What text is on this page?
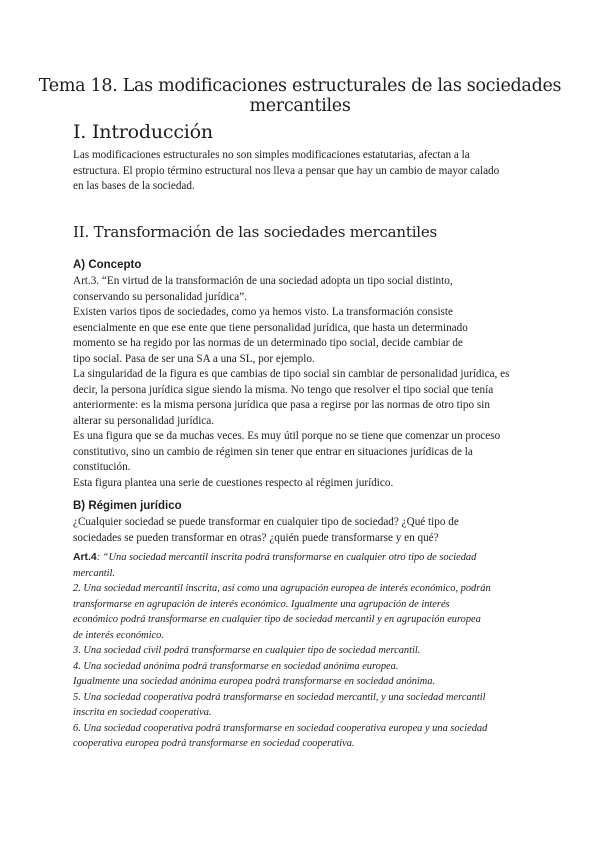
Tema 18. Las modificaciones estructurales de las sociedades mercantiles
I. Introducción

Las modificaciones estructurales no son simples modificaciones estatutarias, afectan a la

estructura. El propio término estructural nos lleva a pensar que hay un cambio de mayor calado

en las bases de la sociedad.

II. Transformación de las sociedades mercantiles

A) Concepto

Art.3. “En virtud de la transformación de una sociedad adopta un tipo social distinto,

conservando su personalidad jurídica”.

Existen varios tipos de sociedades, como ya hemos visto. La transformación consiste

esencialmente en que ese ente que tiene personalidad jurídica, que hasta un determinado

momento se ha regido por las normas de un determinado tipo social, decide cambiar de

tipo social. Pasa de ser una SA a una SL, por ejemplo.

La singularidad de la figura es que cambias de tipo social sin cambiar de personalidad jurídica, es

decir, la persona jurídica sigue siendo la misma. No tengo que resolver el tipo social que tenía

anteriormente: es la misma persona jurídica que pasa a regirse por las normas de otro tipo sin

alterar su personalidad jurídica.

Es una figura que se da muchas veces. Es muy útil porque no se tiene que comenzar un proceso

constitutivo, sino un cambio de régimen sin tener que entrar en situaciones jurídicas de la

constitución.

Esta figura plantea una serie de cuestiones respecto al régimen jurídico.

B) Régimen jurídico

¿Cualquier sociedad se puede transformar en cualquier tipo de sociedad? ¿Qué tipo de

sociedades se pueden transformar en otras? ¿quién puede transformarse y en qué?

Art.4: “Una sociedad mercantil inscrita podrá transformarse en cualquier otro tipo de sociedad

mercantil.

2. Una sociedad mercantil inscrita, así como una agrupación europea de interés económico, podrán

transformarse en agrupación de interés económico. Igualmente una agrupación de interés

económico podrá transformarse en cualquier tipo de sociedad mercantil y en agrupación europea

de interés económico.

3. Una sociedad civil podrá transformarse en cualquier tipo de sociedad mercantil.

4. Una sociedad anónima podrá transformarse en sociedad anónima europea.

Igualmente una sociedad anónima europea podrá transformarse en sociedad anónima.

5. Una sociedad cooperativa podrá transformarse en sociedad mercantil, y una sociedad mercantil

inscrita en sociedad cooperativa.

6. Una sociedad cooperativa podrá transformarse en sociedad cooperativa europea y una sociedad

cooperativa europea podrá transformarse en sociedad cooperativa.
